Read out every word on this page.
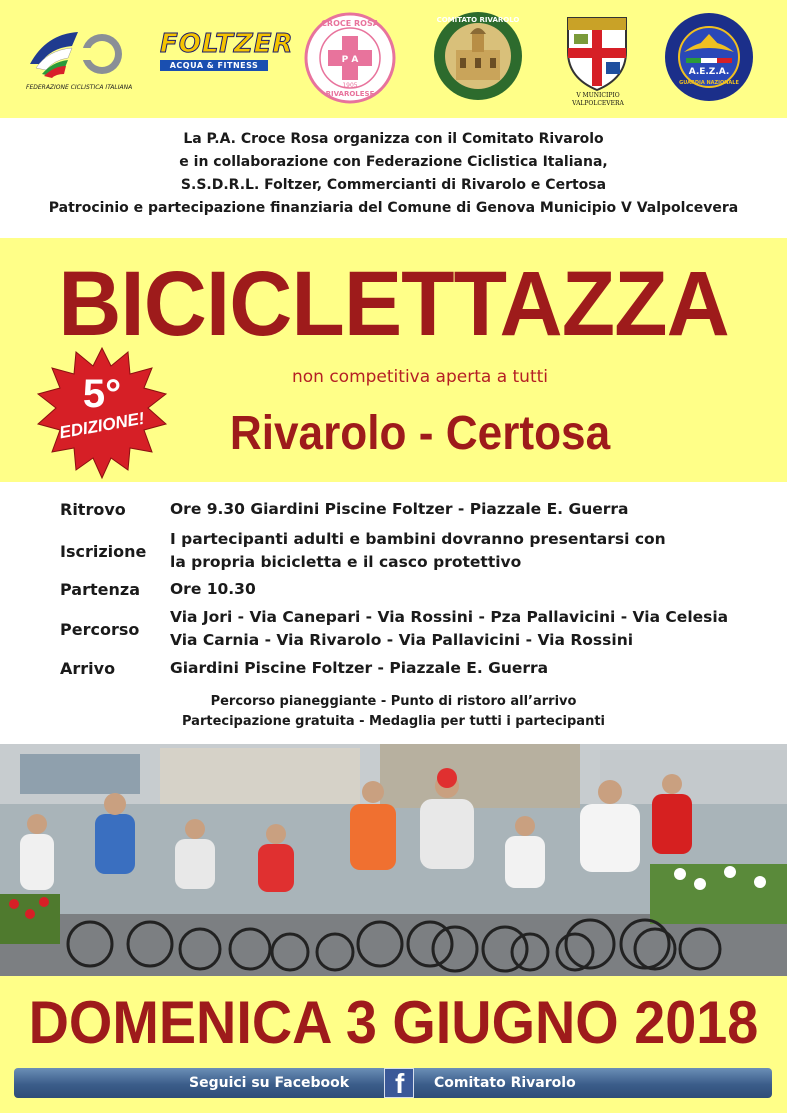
FEDERAZIONE CICLISTICA ITALIANA
FOLTZER
ACQUA & FITNESS
P A
CROCE ROSA
RIVAROLESE
1905
COMITATO RIVAROLO
V MUNICIPIO
VALPOLCEVERA
A.E.Z.A.
GUARDIA NAZIONALE
La P.A. Croce Rosa organizza con il Comitato Rivarolo
e in collaborazione con Federazione Ciclistica Italiana,
S.S.D.R.L. Foltzer, Commercianti di Rivarolo e Certosa
Patrocinio e partecipazione finanziaria del Comune di Genova Municipio V Valpolcevera
BICICLETTAZZA
non competitiva aperta a tutti
Rivarolo - Certosa
5°
EDIZIONE!
Ritrovo	Ore 9.30 Giardini Piscine Foltzer - Piazzale E. Guerra
Iscrizione
I partecipanti adulti e bambini dovranno presentarsi con
la propria bicicletta e il casco protettivo
Partenza Ore 10.30
Percorso
Via Jori - Via Canepari - Via Rossini - Pza Pallavicini - Via Celesia
Via Carnia - Via Rivarolo - Via Pallavicini - Via Rossini
Arrivo	Giardini Piscine Foltzer - Piazzale E. Guerra
Percorso pianeggiante - Punto di ristoro all’arrivo
Partecipazione gratuita - Medaglia per tutti i partecipanti
DOMENICA 3 GIUGNO 2018
Seguici su Facebook f Comitato Rivarolo
